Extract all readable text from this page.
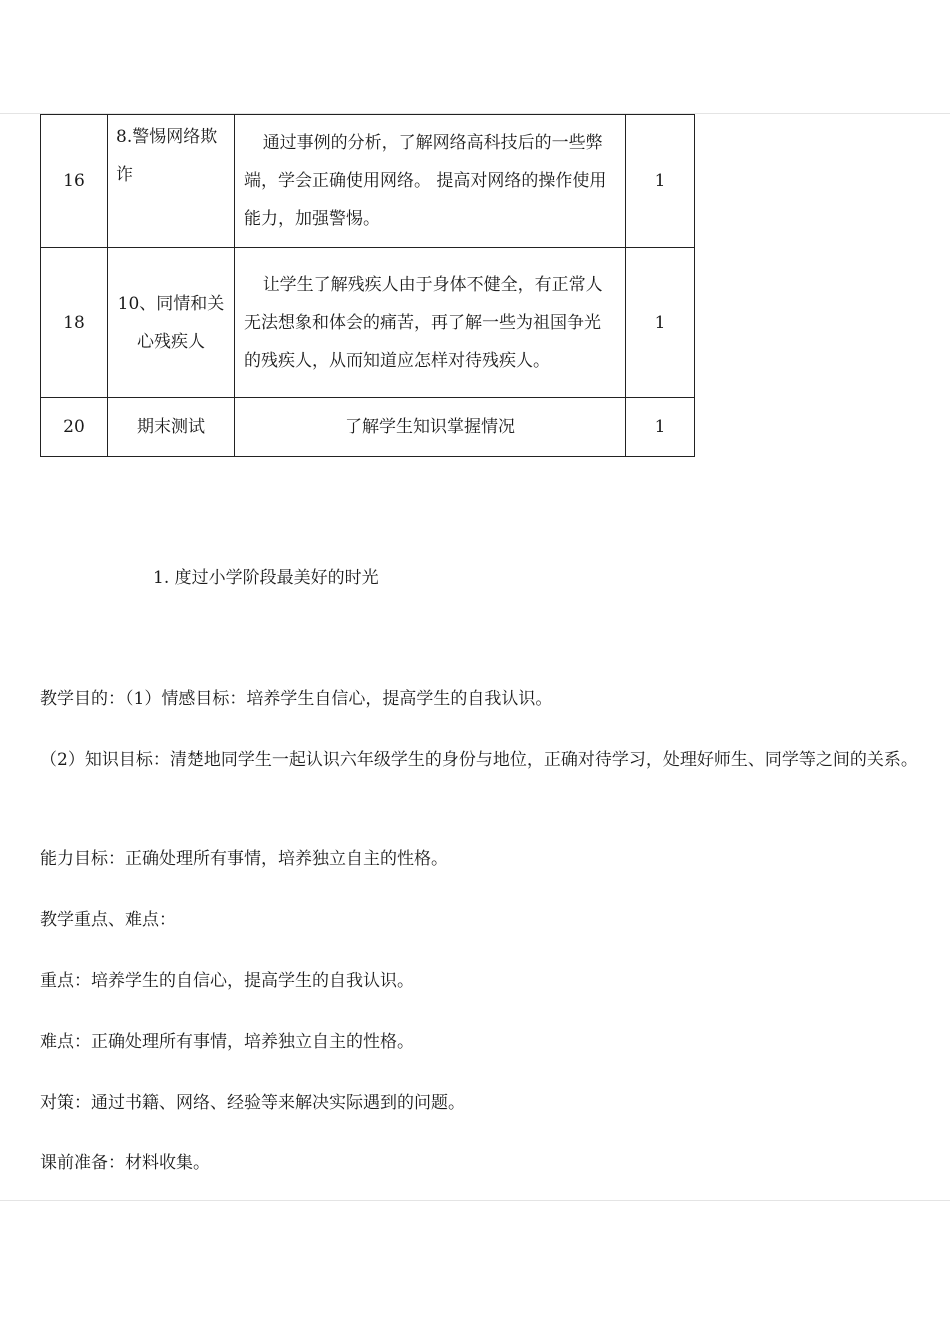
16	8.警惕网络欺诈	通过事例的分析，了解网络高科技后的一些弊端，学会正确使用网络。 提高对网络的操作使用能力，加强警惕。	1
18	10、同情和关心残疾人	让学生了解残疾人由于身体不健全，有正常人无法想象和体会的痛苦，再了解一些为祖国争光的残疾人，从而知道应怎样对待残疾人。	1
20	期末测试	了解学生知识掌握情况	1
1. 度过小学阶段最美好的时光
教学目的：（1）情感目标：培养学生自信心，提高学生的自我认识。
（2）知识目标：清楚地同学生一起认识六年级学生的身份与地位，正确对待学习，处理好师生、同学等之间的关系。
能力目标：正确处理所有事情，培养独立自主的性格。
教学重点、难点：
重点：培养学生的自信心，提高学生的自我认识。
难点：正确处理所有事情，培养独立自主的性格。
对策：通过书籍、网络、经验等来解决实际遇到的问题。
课前准备：材料收集。
